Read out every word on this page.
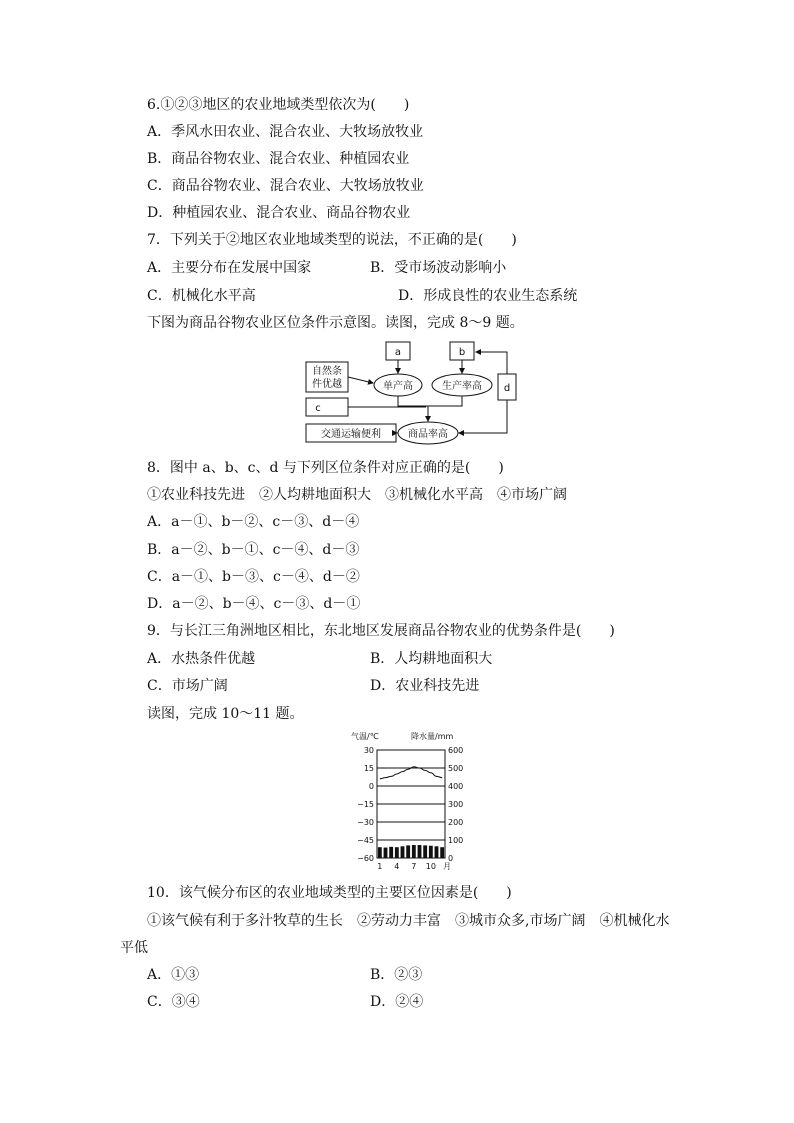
6.①②③地区的农业地域类型依次为(　　)
A．季风水田农业、混合农业、大牧场放牧业
B．商品谷物农业、混合农业、种植园农业
C．商品谷物农业、混合农业、大牧场放牧业
D．种植园农业、混合农业、商品谷物农业
7．下列关于②地区农业地域类型的说法，不正确的是(　　)
A．主要分布在发展中国家	B．受市场波动影响小
C．机械化水平高	D．形成良性的农业生态系统
下图为商品谷物农业区位条件示意图。读图，完成 8～9 题。
a	b
d
c
自然条
件优越	单产高	生产率高
交通运输便利	商品率高
8．图中 a、b、c、d 与下列区位条件对应正确的是(　　)
①农业科技先进　②人均耕地面积大　③机械化水平高　④市场广阔
A．a－①、b－②、c－③、d－④
B．a－②、b－①、c－④、d－③
C．a－①、b－③、c－④、d－②
D．a－②、b－④、c－③、d－①
9．与长江三角洲地区相比，东北地区发展商品谷物农业的优势条件是(　　)
A．水热条件优越	B．人均耕地面积大
C．市场广阔	D．农业科技先进
读图，完成 10～11 题。
气温/℃	降水量/mm
30
15
0
−15
−30
−45
−60
600
500
400
300
200
100
0
1 4 7 10 月
10．该气候分布区的农业地域类型的主要区位因素是(　　)
①该气候有利于多汁牧草的生长　②劳动力丰富　③城市众多,市场广阔　④机械化水
平低
A．①③	B．②③
C．③④	D．②④
